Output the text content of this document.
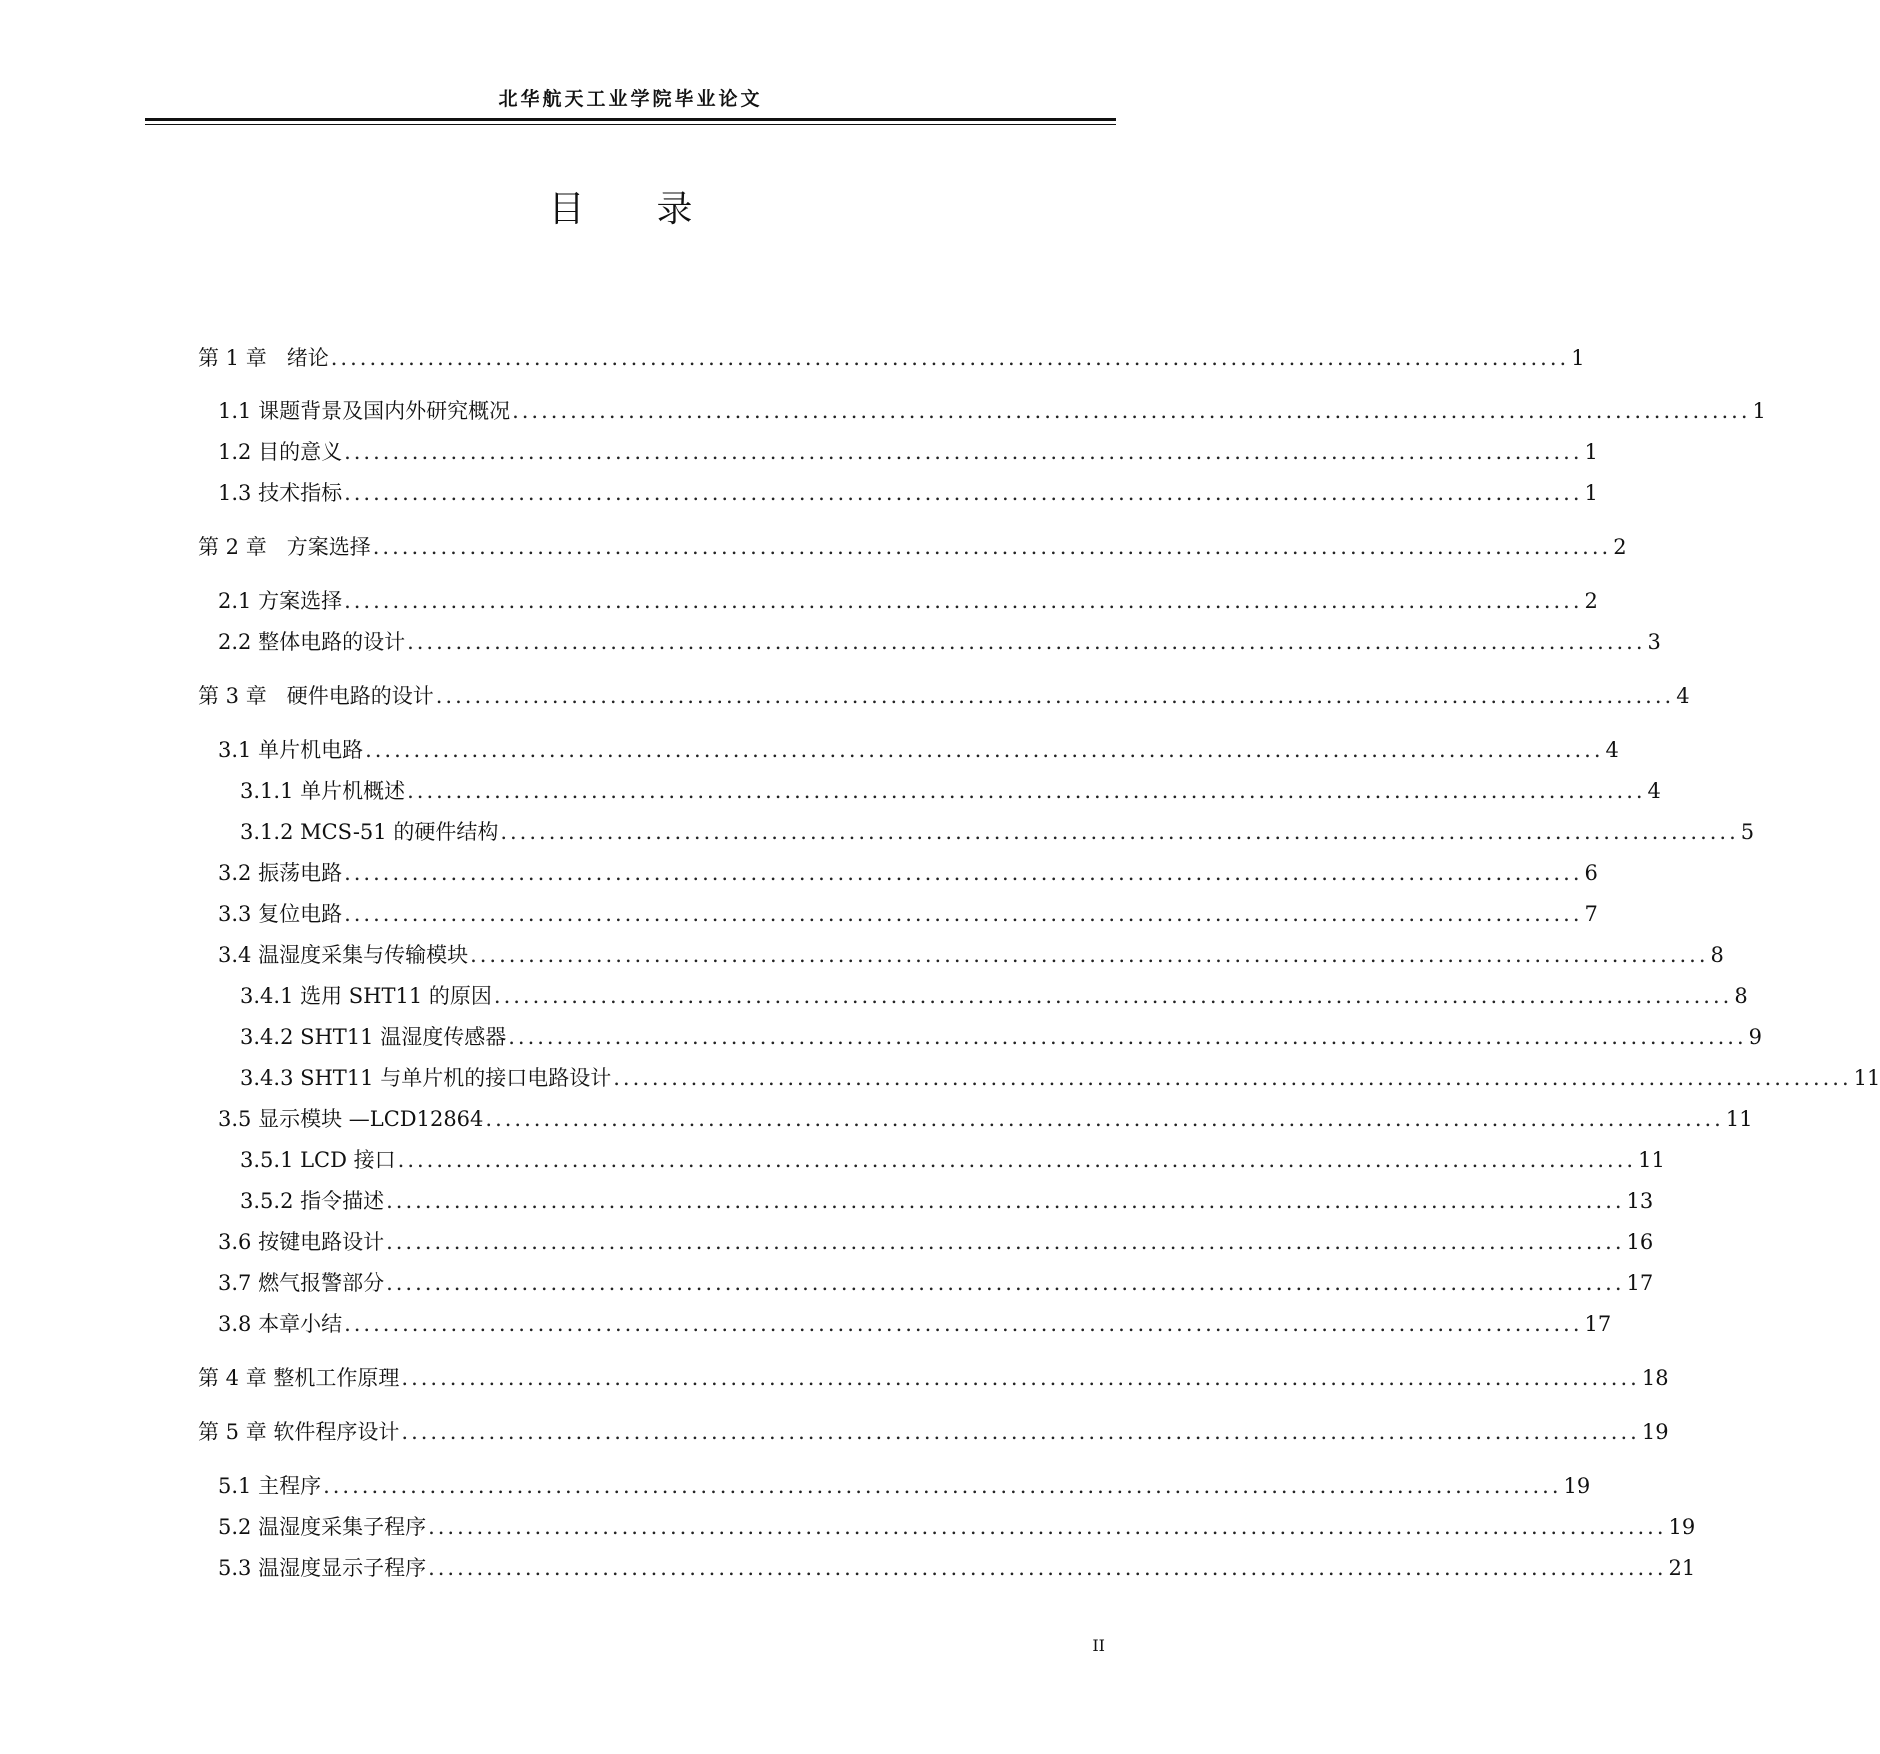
北华航天工业学院毕业论文
目 录
第 1 章   绪论 ................................................................................................................................ 1
1.1 课题背景及国内外研究概况 ................................................................................................................................ 1
1.2 目的意义 ................................................................................................................................ 1
1.3 技术指标 ................................................................................................................................ 1
第 2 章   方案选择 ................................................................................................................................ 2
2.1 方案选择 ................................................................................................................................ 2
2.2 整体电路的设计 ................................................................................................................................ 3
第 3 章   硬件电路的设计 ................................................................................................................................ 4
3.1 单片机电路 ................................................................................................................................ 4
3.1.1 单片机概述 ................................................................................................................................ 4
3.1.2 MCS-51 的硬件结构 ................................................................................................................................ 5
3.2 振荡电路 ................................................................................................................................ 6
3.3 复位电路 ................................................................................................................................ 7
3.4 温湿度采集与传输模块 ................................................................................................................................ 8
3.4.1 选用 SHT11 的原因 ................................................................................................................................ 8
3.4.2 SHT11 温湿度传感器 ................................................................................................................................ 9
3.4.3 SHT11 与单片机的接口电路设计 ................................................................................................................................ 11
3.5 显示模块 —LCD12864 ................................................................................................................................ 11
3.5.1 LCD 接口 ................................................................................................................................ 11
3.5.2 指令描述 ................................................................................................................................ 13
3.6 按键电路设计 ................................................................................................................................ 16
3.7 燃气报警部分 ................................................................................................................................ 17
3.8 本章小结 ................................................................................................................................ 17
第 4 章 整机工作原理 ................................................................................................................................ 18
第 5 章 软件程序设计 ................................................................................................................................ 19
5.1 主程序 ................................................................................................................................ 19
5.2 温湿度采集子程序 ................................................................................................................................ 19
5.3 温湿度显示子程序 ................................................................................................................................ 21
II
